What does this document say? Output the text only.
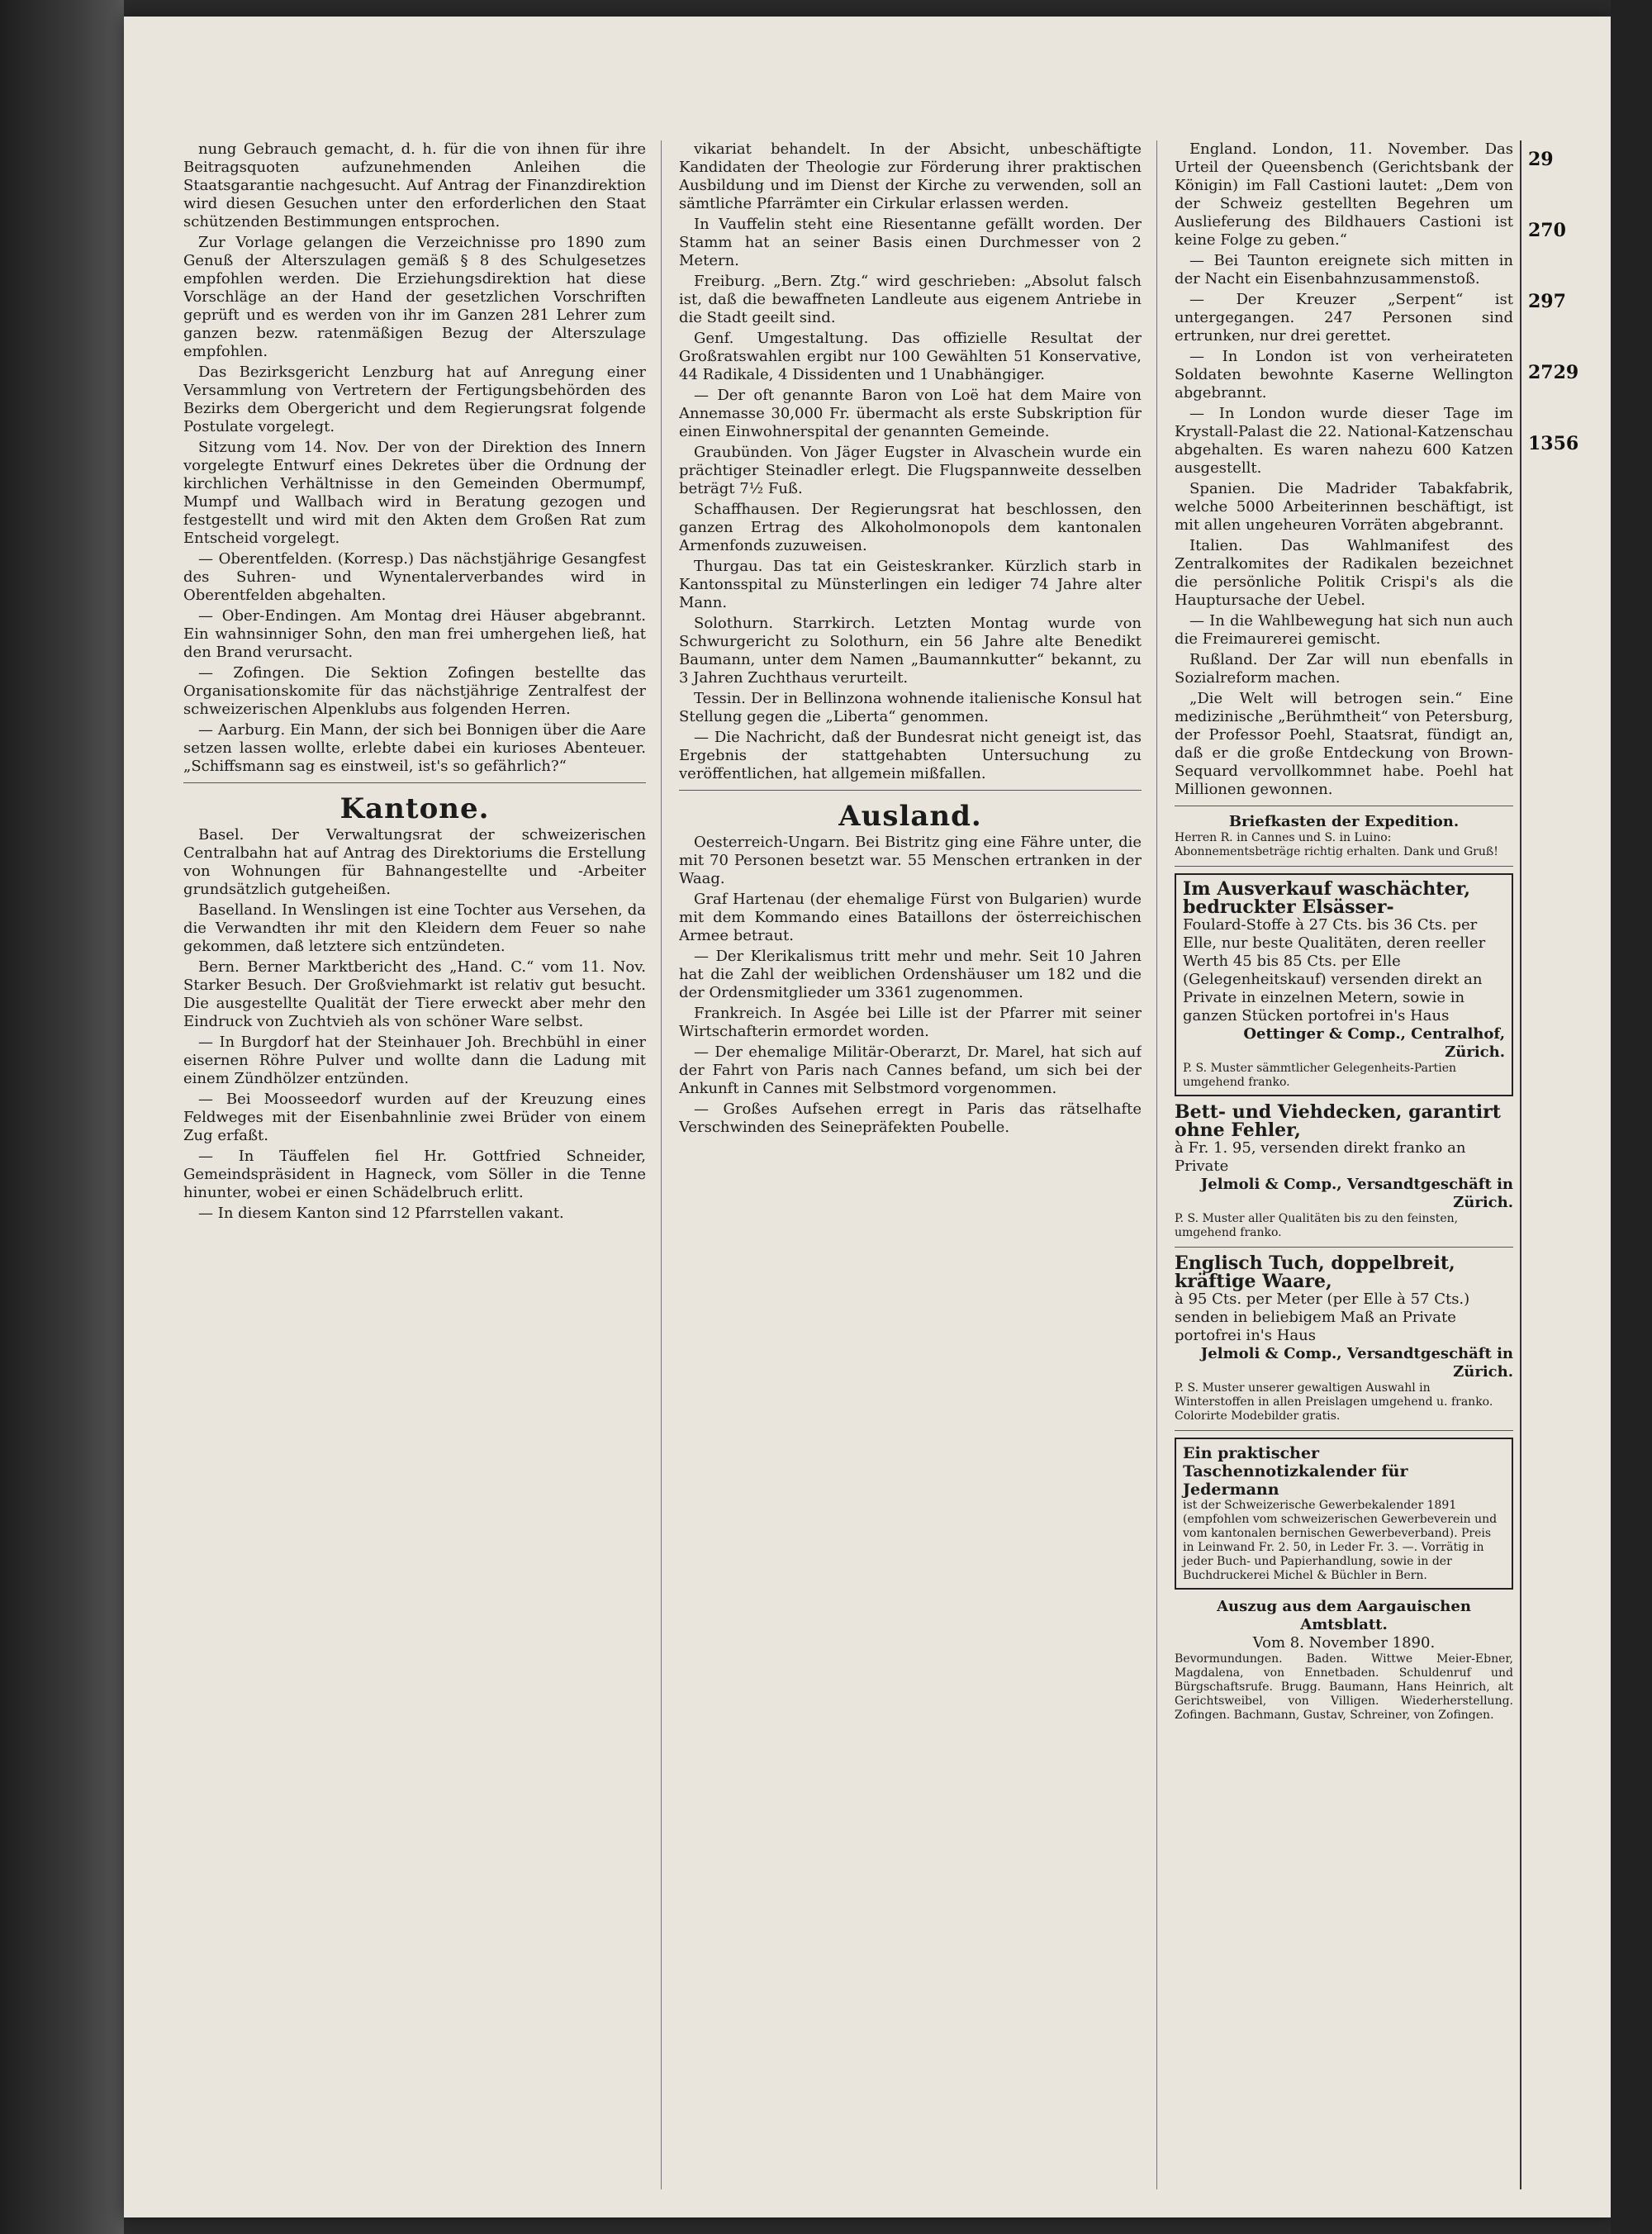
nung Gebrauch gemacht, d. h. für die von ihnen für ihre Beitragsquoten aufzunehmenden Anleihen die Staatsgarantie nachgesucht. Auf Antrag der Finanzdirektion wird diesen Gesuchen unter den erforderlichen den Staat schützenden Bestimmungen entsprochen.

Zur Vorlage gelangen die Verzeichnisse pro 1890 zum Genuß der Alterszulagen gemäß § 8 des Schulgesetzes empfohlen werden. Die Erziehungsdirektion hat diese Vorschläge an der Hand der gesetzlichen Vorschriften geprüft und es werden von ihr im Ganzen 281 Lehrer zum ganzen bezw. ratenmäßigen Bezug der Alterszulage empfohlen.

Das Bezirksgericht Lenzburg hat auf Anregung einer Versammlung von Vertretern der Fertigungsbehörden des Bezirks dem Obergericht und dem Regierungsrat folgende Postulate vorgelegt.

Sitzung vom 14. Nov. Der von der Direktion des Innern vorgelegte Entwurf eines Dekretes über die Ordnung der kirchlichen Verhältnisse in den Gemeinden Obermumpf, Mumpf und Wallbach wird in Beratung gezogen und festgestellt und wird mit den Akten dem Großen Rat zum Entscheid vorgelegt.

— Oberentfelden. (Korresp.) Das nächstjährige Gesangfest des Suhren- und Wynentalerverbandes wird in Oberentfelden abgehalten.

— Ober-Endingen. Am Montag drei Häuser abgebrannt. Ein wahnsinniger Sohn, den man frei umhergehen ließ, hat den Brand verursacht.

— Zofingen. Die Sektion Zofingen bestellte das Organisationskomite für das nächstjährige Zentralfest der schweizerischen Alpenklubs aus folgenden Herren.

— Aarburg. Ein Mann, der sich bei Bonnigen über die Aare setzen lassen wollte, erlebte dabei ein kurioses Abenteuer. „Schiffsmann sag es einstweil, ist's so gefährlich?“

Kantone.

Basel. Der Verwaltungsrat der schweizerischen Centralbahn hat auf Antrag des Direktoriums die Erstellung von Wohnungen für Bahnangestellte und -Arbeiter grundsätzlich gutgeheißen.

Baselland. In Wenslingen ist eine Tochter aus Versehen, da die Verwandten ihr mit den Kleidern dem Feuer so nahe gekommen, daß letztere sich entzündeten.

Bern. Berner Marktbericht des „Hand. C.“ vom 11. Nov. Starker Besuch. Der Großviehmarkt ist relativ gut besucht. Die ausgestellte Qualität der Tiere erweckt aber mehr den Eindruck von Zuchtvieh als von schöner Ware selbst.

— In Burgdorf hat der Steinhauer Joh. Brechbühl in einer eisernen Röhre Pulver und wollte dann die Ladung mit einem Zündhölzer entzünden.

— Bei Moosseedorf wurden auf der Kreuzung eines Feldweges mit der Eisenbahnlinie zwei Brüder von einem Zug erfaßt.

— In Täuffelen fiel Hr. Gottfried Schneider, Gemeindspräsident in Hagneck, vom Söller in die Tenne hinunter, wobei er einen Schädelbruch erlitt.

— In diesem Kanton sind 12 Pfarrstellen vakant.

vikariat behandelt. In der Absicht, unbeschäftigte Kandidaten der Theologie zur Förderung ihrer praktischen Ausbildung und im Dienst der Kirche zu verwenden, soll an sämtliche Pfarrämter ein Cirkular erlassen werden.

In Vauffelin steht eine Riesentanne gefällt worden. Der Stamm hat an seiner Basis einen Durchmesser von 2 Metern.

Freiburg. „Bern. Ztg.“ wird geschrieben: „Absolut falsch ist, daß die bewaffneten Landleute aus eigenem Antriebe in die Stadt geeilt sind.

Genf. Umgestaltung. Das offizielle Resultat der Großratswahlen ergibt nur 100 Gewählten 51 Konservative, 44 Radikale, 4 Dissidenten und 1 Unabhängiger.

— Der oft genannte Baron von Loë hat dem Maire von Annemasse 30,000 Fr. übermacht als erste Subskription für einen Einwohnerspital der genannten Gemeinde.

Graubünden. Von Jäger Eugster in Alvaschein wurde ein prächtiger Steinadler erlegt. Die Flugspannweite desselben beträgt 7½ Fuß.

Schaffhausen. Der Regierungsrat hat beschlossen, den ganzen Ertrag des Alkoholmonopols dem kantonalen Armenfonds zuzuweisen.

Thurgau. Das tat ein Geisteskranker. Kürzlich starb in Kantonsspital zu Münsterlingen ein lediger 74 Jahre alter Mann.

Solothurn. Starrkirch. Letzten Montag wurde von Schwurgericht zu Solothurn, ein 56 Jahre alte Benedikt Baumann, unter dem Namen „Baumannkutter“ bekannt, zu 3 Jahren Zuchthaus verurteilt.

Tessin. Der in Bellinzona wohnende italienische Konsul hat Stellung gegen die „Liberta“ genommen.

— Die Nachricht, daß der Bundesrat nicht geneigt ist, das Ergebnis der stattgehabten Untersuchung zu veröffentlichen, hat allgemein mißfallen.

Ausland.

Oesterreich-Ungarn. Bei Bistritz ging eine Fähre unter, die mit 70 Personen besetzt war. 55 Menschen ertranken in der Waag.

Graf Hartenau (der ehemalige Fürst von Bulgarien) wurde mit dem Kommando eines Bataillons der österreichischen Armee betraut.

— Der Klerikalismus tritt mehr und mehr. Seit 10 Jahren hat die Zahl der weiblichen Ordenshäuser um 182 und die der Ordensmitglieder um 3361 zugenommen.

Frankreich. In Asgée bei Lille ist der Pfarrer mit seiner Wirtschafterin ermordet worden.

— Der ehemalige Militär-Oberarzt, Dr. Marel, hat sich auf der Fahrt von Paris nach Cannes befand, um sich bei der Ankunft in Cannes mit Selbstmord vorgenommen.

— Großes Aufsehen erregt in Paris das rätselhafte Verschwinden des Seinepräfekten Poubelle.

England. London, 11. November. Das Urteil der Queensbench (Gerichtsbank der Königin) im Fall Castioni lautet: „Dem von der Schweiz gestellten Begehren um Auslieferung des Bildhauers Castioni ist keine Folge zu geben.“

— Bei Taunton ereignete sich mitten in der Nacht ein Eisenbahnzusammenstoß.

— Der Kreuzer „Serpent“ ist untergegangen. 247 Personen sind ertrunken, nur drei gerettet.

— In London ist von verheirateten Soldaten bewohnte Kaserne Wellington abgebrannt.

— In London wurde dieser Tage im Krystall-Palast die 22. National-Katzenschau abgehalten. Es waren nahezu 600 Katzen ausgestellt.

Spanien. Die Madrider Tabakfabrik, welche 5000 Arbeiterinnen beschäftigt, ist mit allen ungeheuren Vorräten abgebrannt.

Italien. Das Wahlmanifest des Zentralkomites der Radikalen bezeichnet die persönliche Politik Crispi's als die Hauptursache der Uebel.

— In die Wahlbewegung hat sich nun auch die Freimaurerei gemischt.

Rußland. Der Zar will nun ebenfalls in Sozialreform machen.

„Die Welt will betrogen sein.“ Eine medizinische „Berühmtheit“ von Petersburg, der Professor Poehl, Staatsrat, fündigt an, daß er die große Entdeckung von Brown-Sequard vervollkommnet habe. Poehl hat Millionen gewonnen.

Briefkasten der Expedition.
Herren R. in Cannes und S. in Luino: Abonnementsbeträge richtig erhalten. Dank und Gruß!
Im Ausverkauf waschächter, bedruckter Elsässer-
Foulard-Stoffe à 27 Cts. bis 36 Cts. per Elle, nur beste Qualitäten, deren reeller Werth 45 bis 85 Cts. per Elle (Gelegenheitskauf) versenden direkt an Private in einzelnen Metern, sowie in ganzen Stücken portofrei in's Haus
Oettinger & Comp., Centralhof, Zürich.
P. S. Muster sämmtlicher Gelegenheits-Partien umgehend franko.
Bett- und Viehdecken, garantirt ohne Fehler,
à Fr. 1. 95, versenden direkt franko an Private
Jelmoli & Comp., Versandtgeschäft in Zürich.
P. S. Muster aller Qualitäten bis zu den feinsten, umgehend franko.
Englisch Tuch, doppelbreit, kräftige Waare,
à 95 Cts. per Meter (per Elle à 57 Cts.) senden in beliebigem Maß an Private portofrei in's Haus
Jelmoli & Comp., Versandtgeschäft in Zürich.
P. S. Muster unserer gewaltigen Auswahl in Winterstoffen in allen Preislagen umgehend u. franko. Colorirte Modebilder gratis.
Ein praktischer Taschennotizkalender für Jedermann
ist der Schweizerische Gewerbekalender 1891 (empfohlen vom schweizerischen Gewerbeverein und vom kantonalen bernischen Gewerbeverband). Preis in Leinwand Fr. 2. 50, in Leder Fr. 3. —. Vorrätig in jeder Buch- und Papierhandlung, sowie in der Buchdruckerei Michel & Büchler in Bern.
Auszug aus dem Aargauischen Amtsblatt.
Vom 8. November 1890.
Bevormundungen. Baden. Wittwe Meier-Ebner, Magdalena, von Ennetbaden. Schuldenruf und Bürgschaftsrufe. Brugg. Baumann, Hans Heinrich, alt Gerichtsweibel, von Villigen. Wiederherstellung. Zofingen. Bachmann, Gustav, Schreiner, von Zofingen.
29
270
297
2729
1356
